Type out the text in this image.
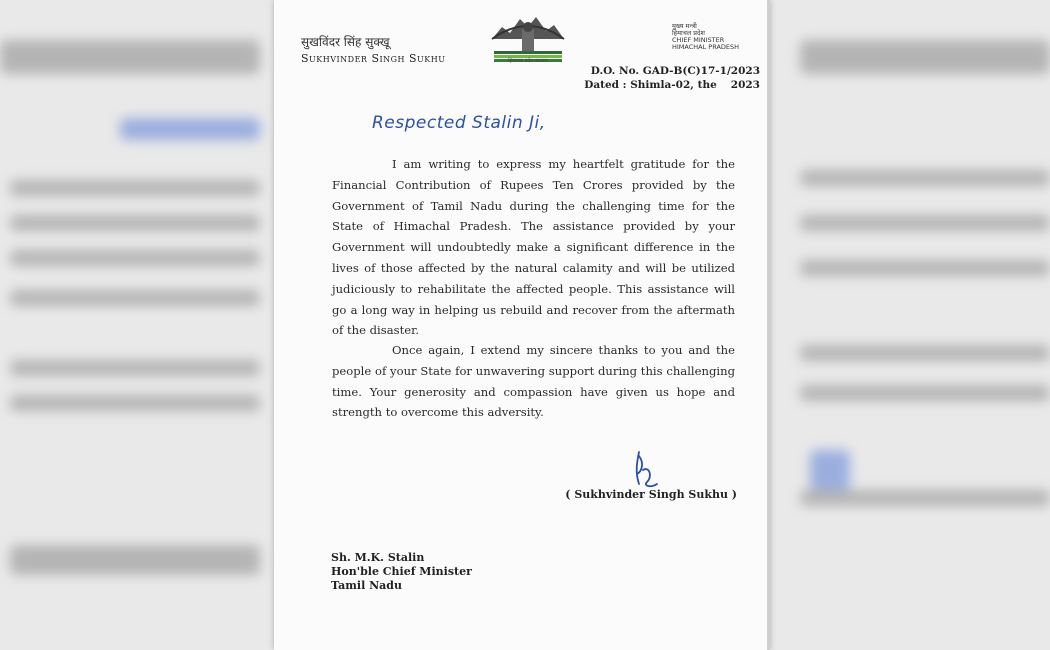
सुखविंदर सिंह सुक्खू
Sukhvinder Singh Sukhu	हिमाचल प्रदेश सरकार
मुख्य मन्त्री
हिमाचल प्रदेश
CHIEF MINISTER
HIMACHAL PRADESH
D.O. No. GAD-B(C)17-1/2023
Dated : Shimla-02, the 2023
Respected Stalin Ji,

I am writing to express my heartfelt gratitude for the Financial Contribution of Rupees Ten Crores provided by the Government of Tamil Nadu during the challenging time for the State of Himachal Pradesh. The assistance provided by your Government will undoubtedly make a significant difference in the lives of those affected by the natural calamity and will be utilized judiciously to rehabilitate the affected people. This assistance will go a long way in helping us rebuild and recover from the aftermath of the disaster.

Once again, I extend my sincere thanks to you and the people of your State for unwavering support during this challenging time. Your generosity and compassion have given us hope and strength to overcome this adversity.

( Sukhvinder Singh Sukhu )
Sh. M.K. Stalin
Hon'ble Chief Minister
Tamil Nadu
